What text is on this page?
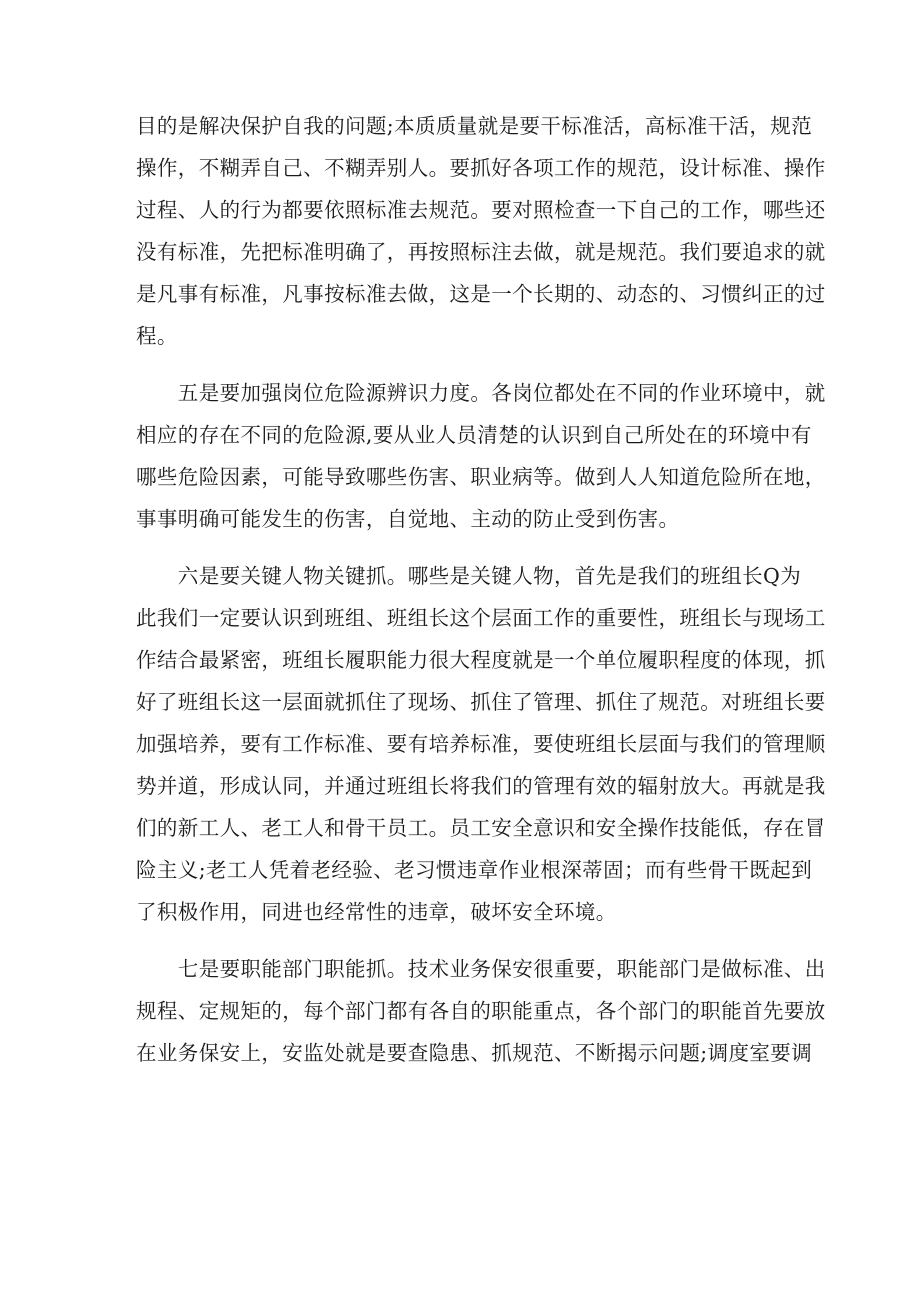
目的是解决保护自我的问题;本质质量就是要干标准活，高标准干活，规范
操作，不糊弄自己、不糊弄别人。要抓好各项工作的规范，设计标准、操作
过程、人的行为都要依照标准去规范。要对照检查一下自己的工作，哪些还
没有标准，先把标准明确了，再按照标注去做，就是规范。我们要追求的就
是凡事有标准，凡事按标准去做，这是一个长期的、动态的、习惯纠正的过
程。
　　五是要加强岗位危险源辨识力度。各岗位都处在不同的作业环境中，就
相应的存在不同的危险源,要从业人员清楚的认识到自己所处在的环境中有
哪些危险因素，可能导致哪些伤害、职业病等。做到人人知道危险所在地，
事事明确可能发生的伤害，自觉地、主动的防止受到伤害。
　　六是要关键人物关键抓。哪些是关键人物，首先是我们的班组长Q为
此我们一定要认识到班组、班组长这个层面工作的重要性，班组长与现场工
作结合最紧密，班组长履职能力很大程度就是一个单位履职程度的体现，抓
好了班组长这一层面就抓住了现场、抓住了管理、抓住了规范。对班组长要
加强培养，要有工作标准、要有培养标准，要使班组长层面与我们的管理顺
势并道，形成认同，并通过班组长将我们的管理有效的辐射放大。再就是我
们的新工人、老工人和骨干员工。员工安全意识和安全操作技能低，存在冒
险主义;老工人凭着老经验、老习惯违章作业根深蒂固；而有些骨干既起到
了积极作用，同进也经常性的违章，破坏安全环境。
　　七是要职能部门职能抓。技术业务保安很重要，职能部门是做标准、出
规程、定规矩的，每个部门都有各自的职能重点，各个部门的职能首先要放
在业务保安上，安监处就是要查隐患、抓规范、不断揭示问题;调度室要调
